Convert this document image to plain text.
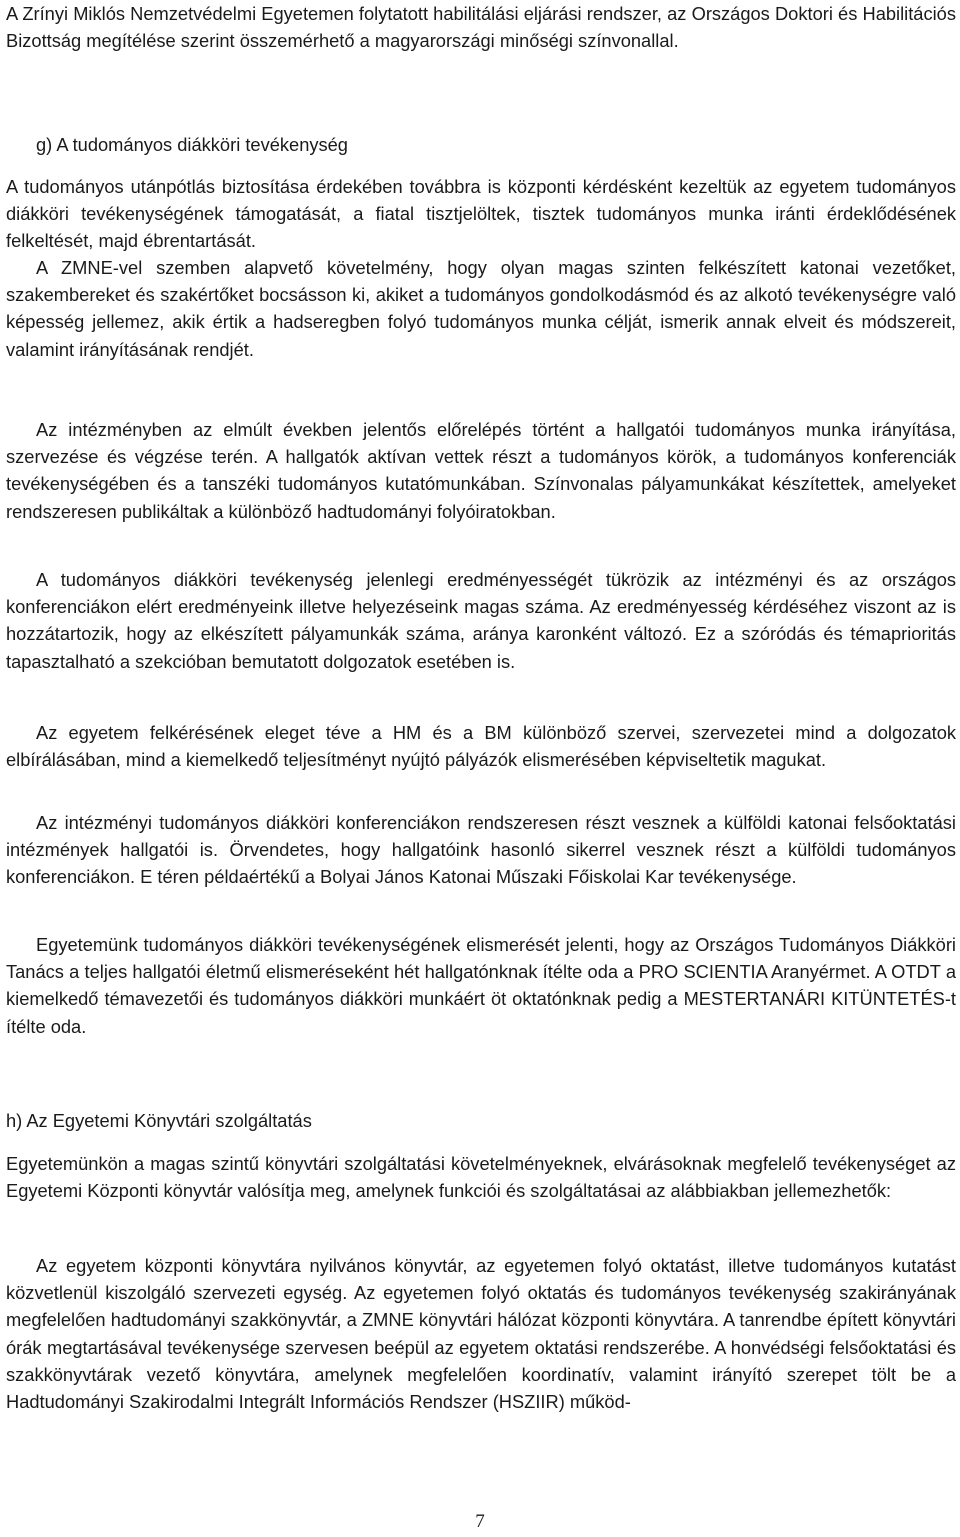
A Zrínyi Miklós Nemzetvédelmi Egyetemen folytatott habilitálási eljárási rendszer, az Országos Doktori és Habilitációs Bizottság megítélése szerint összemérhető a magyarországi minőségi színvonallal.

g) A tudományos diákköri tevékenység

A tudományos utánpótlás biztosítása érdekében továbbra is központi kérdésként kezeltük az egyetem tudományos diákköri tevékenységének támogatását, a fiatal tisztjelöltek, tisztek tudományos munka iránti érdeklődésének felkeltését, majd ébrentartását.

A ZMNE-vel szemben alapvető követelmény, hogy olyan magas szinten felkészített katonai vezetőket, szakembereket és szakértőket bocsásson ki, akiket a tudományos gondolkodásmód és az alkotó tevékenységre való képesség jellemez, akik értik a hadseregben folyó tudományos munka célját, ismerik annak elveit és módszereit, valamint irányításának rendjét.

Az intézményben az elmúlt években jelentős előrelépés történt a hallgatói tudományos munka irányítása, szervezése és végzése terén. A hallgatók aktívan vettek részt a tudományos körök, a tudományos konferenciák tevékenységében és a tanszéki tudományos kutatómunkában. Színvonalas pályamunkákat készítettek, amelyeket rendszeresen publikáltak a különböző hadtudományi folyóiratokban.

A tudományos diákköri tevékenység jelenlegi eredményességét tükrözik az intézményi és az országos konferenciákon elért eredményeink illetve helyezéseink magas száma. Az eredményesség kérdéséhez viszont az is hozzátartozik, hogy az elkészített pályamunkák száma, aránya karonként változó. Ez a szóródás és témaprioritás tapasztalható a szekcióban bemutatott dolgozatok esetében is.

Az egyetem felkérésének eleget téve a HM és a BM különböző szervei, szervezetei mind a dolgozatok elbírálásában, mind a kiemelkedő teljesítményt nyújtó pályázók elismerésében képviseltetik magukat.

Az intézményi tudományos diákköri konferenciákon rendszeresen részt vesznek a külföldi katonai felsőoktatási intézmények hallgatói is. Örvendetes, hogy hallgatóink hasonló sikerrel vesznek részt a külföldi tudományos konferenciákon. E téren példaértékű a Bolyai János Katonai Műszaki Főiskolai Kar tevékenysége.

Egyetemünk tudományos diákköri tevékenységének elismerését jelenti, hogy az Országos Tudományos Diákköri Tanács a teljes hallgatói életmű elismeréseként hét hallgatónknak ítélte oda a PRO SCIENTIA Aranyérmet. A OTDT a kiemelkedő témavezetői és tudományos diákköri munkáért öt oktatónknak pedig a MESTERTANÁRI KITÜNTETÉS-t ítélte oda.

h) Az Egyetemi Könyvtári szolgáltatás

Egyetemünkön a magas szintű könyvtári szolgáltatási követelményeknek, elvárásoknak megfelelő tevékenységet az Egyetemi Központi könyvtár valósítja meg, amelynek funkciói és szolgáltatásai az alábbiakban jellemezhetők:

Az egyetem központi könyvtára nyilvános könyvtár, az egyetemen folyó oktatást, illetve tudományos kutatást közvetlenül kiszolgáló szervezeti egység. Az egyetemen folyó oktatás és tudományos tevékenység szakirányának megfelelően hadtudományi szakkönyvtár, a ZMNE könyvtári hálózat központi könyvtára. A tanrendbe épített könyvtári órák megtartásával tevékenysége szervesen beépül az egyetem oktatási rendszerébe. A honvédségi felsőoktatási és szakkönyvtárak vezető könyvtára, amelynek megfelelően koordinatív, valamint irányító szerepet tölt be a Hadtudományi Szakirodalmi Integrált Információs Rendszer (HSZIIR) működ-

7
